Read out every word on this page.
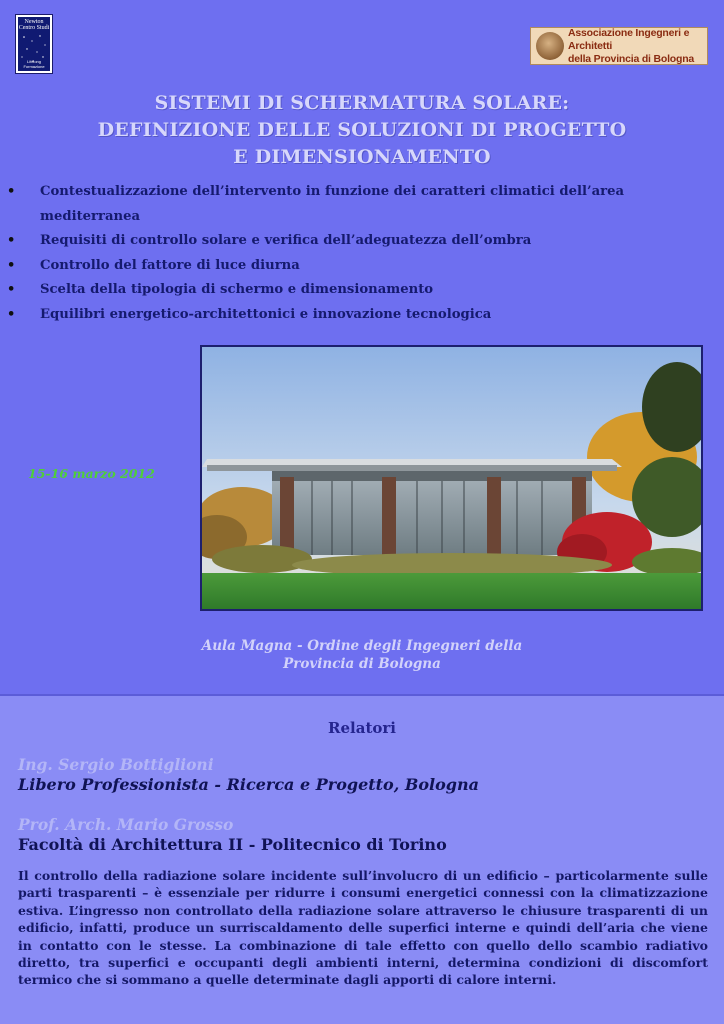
Newton
Centro Studi
Lifelong
Formazione
Associazione Ingegneri e Architetti
della Provincia di Bologna
SISTEMI DI SCHERMATURA SOLARE:
DEFINIZIONE DELLE SOLUZIONI DI PROGETTO
E DIMENSIONAMENTO
• Contestualizzazione dell’intervento in funzione dei caratteri climatici dell’area mediterranea
• Requisiti di controllo solare e verifica dell’adeguatezza dell’ombra
• Controllo del fattore di luce diurna
• Scelta della tipologia di schermo e dimensionamento
• Equilibri energetico-architettonici e innovazione tecnologica
15-16 marzo 2012
Aula Magna - Ordine degli Ingegneri della
Provincia di Bologna
Relatori
Ing. Sergio Bottiglioni
Libero Professionista - Ricerca e Progetto, Bologna
Prof. Arch. Mario Grosso
Facoltà di Architettura II - Politecnico di Torino
Il controllo della radiazione solare incidente sull’involucro di un edificio – particolarmente sulle parti trasparenti – è essenziale per ridurre i consumi energetici connessi con la climatizzazione estiva. L’ingresso non controllato della radiazione solare attraverso le chiusure trasparenti di un edificio, infatti, produce un surriscaldamento delle superfici interne e quindi dell’aria che viene in contatto con le stesse. La combinazione di tale effetto con quello dello scambio radiativo diretto, tra superfici e occupanti degli ambienti interni, determina condizioni di discomfort termico che si sommano a quelle determinate dagli apporti di calore interni.
